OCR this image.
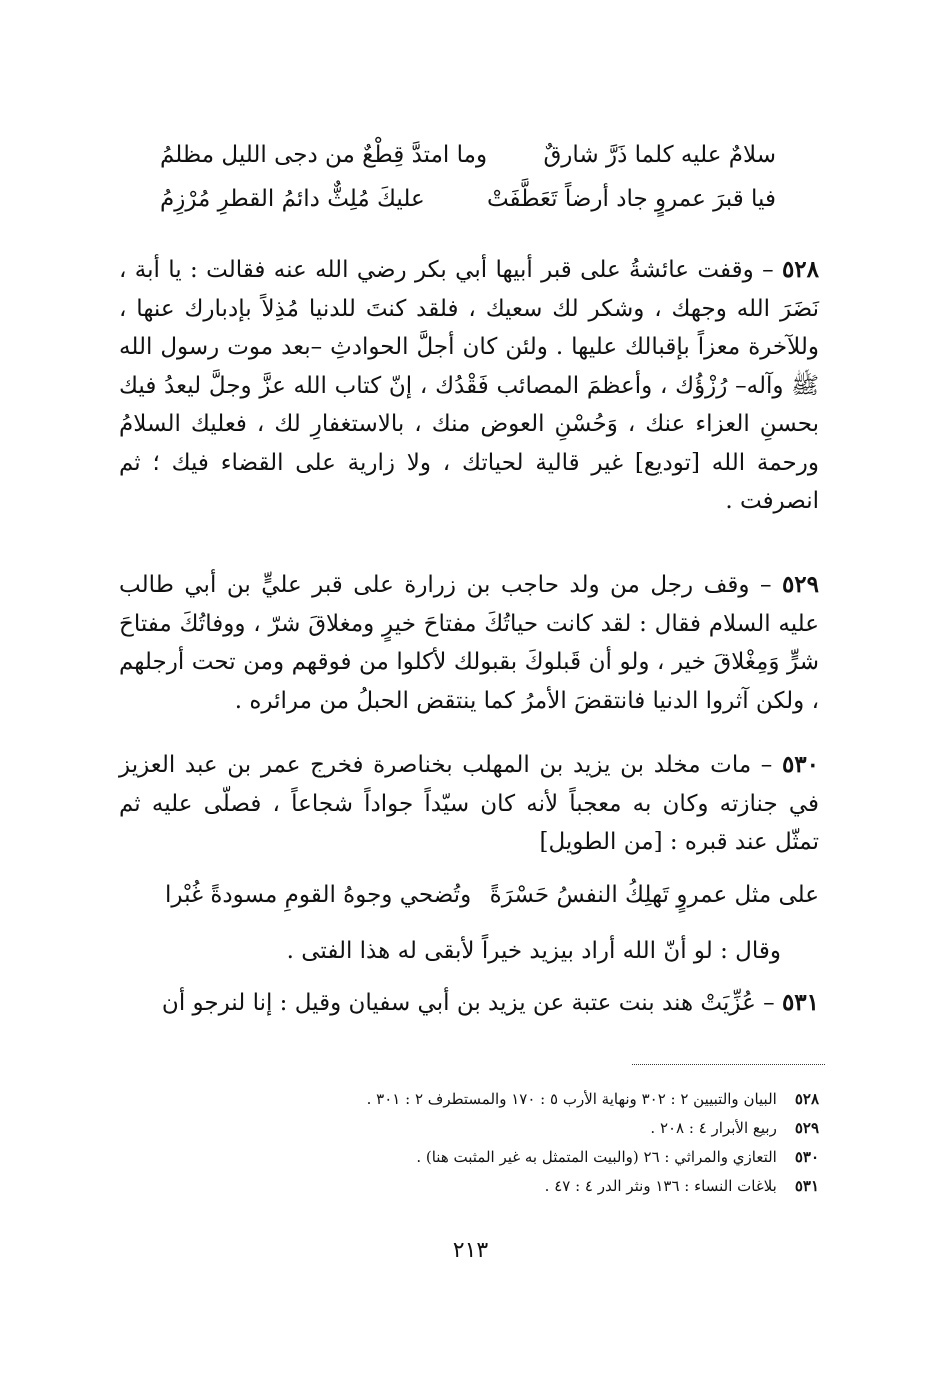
سلامٌ عليه كلما ذَرَّ شارقٌ
وما امتدَّ قِطْعٌ من دجى الليل مظلمُ
فيا قبرَ عمروٍ جاد أرضاً تَعَطَّفَتْ
عليكَ مُلِثٌّ دائمُ القطرِ مُرْزِمُ
٥٢٨ – وقفت عائشةُ على قبر أبيها أبي بكر رضي الله عنه فقالت : يا أبة ، نَضَرَ الله وجهك ، وشكر لك سعيك ، فلقد كنتَ للدنيا مُذِلاً بإدبارك عنها ، وللآخرة معزاً بإقبالك عليها . ولئن كان أجلَّ الحوادثِ –بعد موت رسول الله ﷺ وآله– رُزْؤُك ، وأعظمَ المصائب فَقْدُك ، إنّ كتاب الله عزَّ وجلَّ ليعدُ فيك بحسنِ العزاء عنك ، وَحُسْنِ العوض منك ، بالاستغفارِ لك ، فعليك السلامُ ورحمة الله [توديع] غير قالية لحياتك ، ولا زارية على القضاء فيك ؛ ثم انصرفت .
٥٢٩ – وقف رجل من ولد حاجب بن زرارة على قبر عليٍّ بن أبي طالب عليه السلام فقال : لقد كانت حياتُكَ مفتاحَ خيرٍ ومغلاقَ شرّ ، ووفاتُكَ مفتاحَ شرٍّ وَمِغْلاقَ خير ، ولو أن قَبلوكَ بقبولك لأكلوا من فوقهم ومن تحت أرجلهم ، ولكن آثروا الدنيا فانتقضَ الأمرُ كما ينتقض الحبلُ من مرائره .
٥٣٠ – مات مخلد بن يزيد بن المهلب بخناصرة فخرج عمر بن عبد العزيز في جنازته وكان به معجباً لأنه كان سيّداً جواداً شجاعاً ، فصلّى عليه ثم تمثّل عند قبره : [من الطويل]
على مثل عمروٍ تَهلِكُ النفسُ حَسْرَةً
وتُضحي وجوهُ القومِ مسودةً غُبْرا
وقال : لو أنّ الله أراد بيزيد خيراً لأبقى له هذا الفتى .
٥٣١ – عُزِّيَتْ هند بنت عتبة عن يزيد بن أبي سفيان وقيل : إنا لنرجو أن
٥٢٨البيان والتبيين ٢ : ٣٠٢ ونهاية الأرب ٥ : ١٧٠ والمستطرف ٢ : ٣٠١ .
٥٢٩ربيع الأبرار ٤ : ٢٠٨ .
٥٣٠التعازي والمراثي : ٢٦ (والبيت المتمثل به غير المثبت هنا) .
٥٣١بلاغات النساء : ١٣٦ ونثر الدر ٤ : ٤٧ .
٢١٣
